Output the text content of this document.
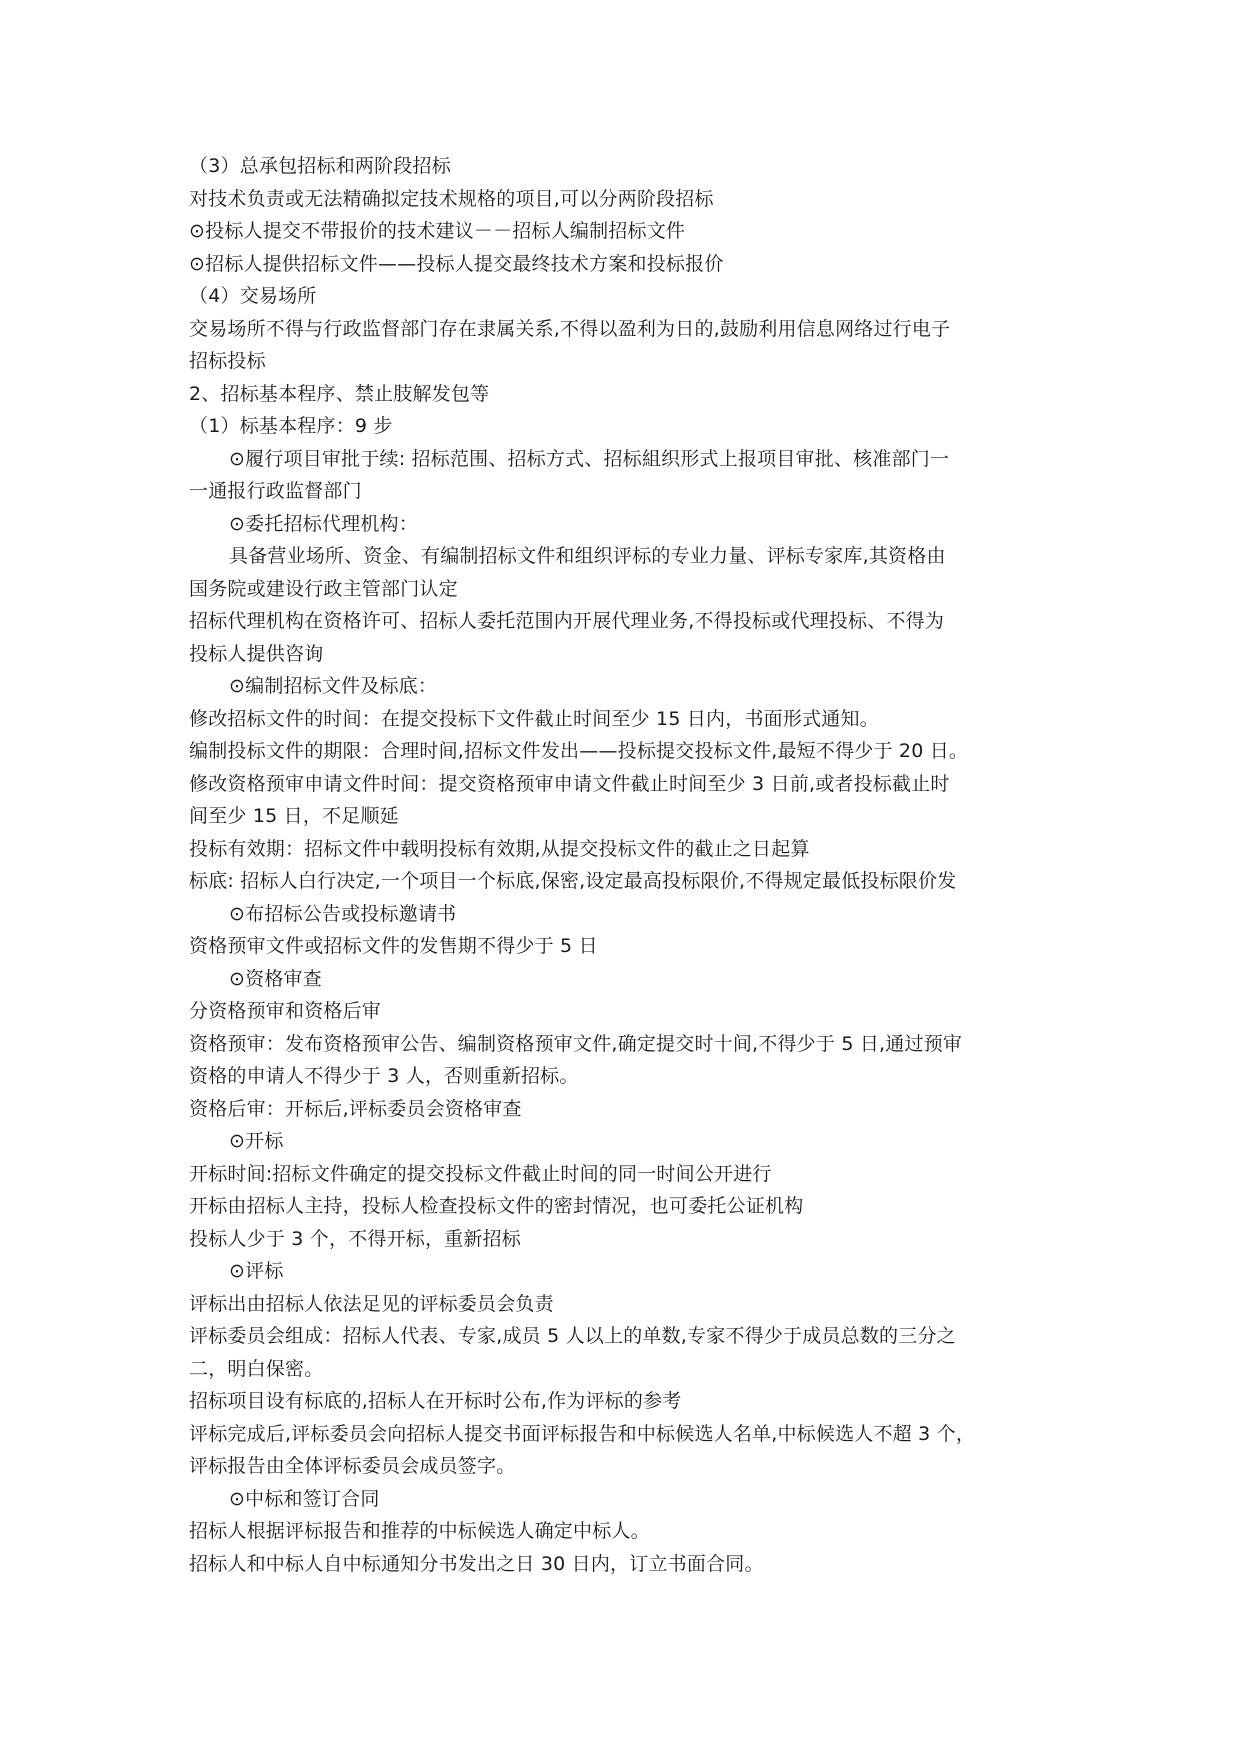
（3）总承包招标和两阶段招标
对技术负责或无法精确拟定技术规格的项目,可以分两阶段招标
⊙投标人提交不带报价的技术建议－－招标人编制招标文件
⊙招标人提供招标文件——投标人提交最终技术方案和投标报价
（4）交易场所
交易场所不得与行政监督部门存在隶属关系,不得以盈利为日的,鼓励利用信息网络过行电子
招标投标
2、招标基本程序、禁止肢解发包等
（1）标基本程序：9 步
⊙履行项目审批于续: 招标范围、招标方式、招标組织形式上报项目审批、核准部门一
一通报行政监督部门
⊙委托招标代理机构：
具备营业场所、资金、有编制招标文件和组织评标的专业力量、评标专家库,其资格由
国务院或建设行政主管部门认定
招标代理机构在资格许可、招标人委托范围内开展代理业务,不得投标或代理投标、不得为
投标人提供咨询
⊙编制招标文件及标底：
修改招标文件的时间：在提交投标下文件截止时间至少 15 日内，书面形式通知。
编制投标文件的期限：合理时间,招标文件发出——投标提交投标文件,最短不得少于 20 日。
修改资格预审申请文件时间：提交资格预审申请文件截止时间至少 3 日前,或者投标截止时
间至少 15 日，不足顺延
投标有效期：招标文件中载明投标有效期,从提交投标文件的截止之日起算
标底: 招标人白行决定,一个项目一个标底,保密,设定最高投标限价,不得规定最低投标限价发
⊙布招标公告或投标邀请书
资格预审文件或招标文件的发售期不得少于 5 日
⊙资格审查
分资格预审和资格后审
资格预审：发布资格预审公告、编制资格预审文件,确定提交时十间,不得少于 5 日,通过预审
资格的申请人不得少于 3 人，否则重新招标。
资格后审：开标后,评标委员会资格审查
⊙开标
开标时间:招标文件确定的提交投标文件截止时间的同一时间公开进行
开标由招标人主持，投标人检查投标文件的密封情况，也可委托公证机构
投标人少于 3 个，不得开标，重新招标
⊙评标
评标出由招标人依法足见的评标委员会负责
评标委员会组成：招标人代表、专家,成员 5 人以上的单数,专家不得少于成员总数的三分之
二，明白保密。
招标项目设有标底的,招标人在开标时公布,作为评标的参考
评标完成后,评标委员会向招标人提交书面评标报告和中标候选人名单,中标候选人不超 3 个，
评标报告由全体评标委员会成员签字。
⊙中标和签订合同
招标人根据评标报告和推荐的中标候选人确定中标人。
招标人和中标人自中标通知分书发出之日 30 日内，订立书面合同。
